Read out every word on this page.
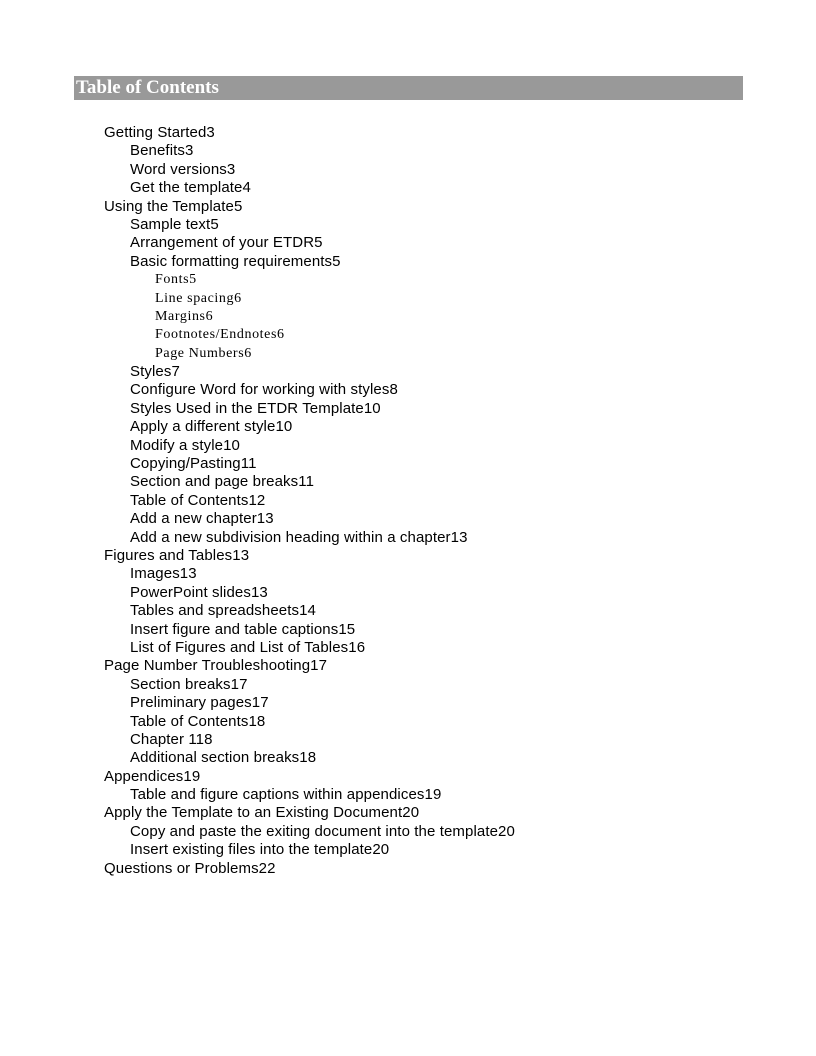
Table of Contents
Getting Started3
Benefits3
Word versions3
Get the template4
Using the Template5
Sample text5
Arrangement of your ETDR5
Basic formatting requirements5
Fonts5
Line spacing6
Margins6
Footnotes/Endnotes6
Page Numbers6
Styles7
Configure Word for working with styles8
Styles Used in the ETDR Template10
Apply a different style10
Modify a style10
Copying/Pasting11
Section and page breaks11
Table of Contents12
Add a new chapter13
Add a new subdivision heading within a chapter13
Figures and Tables13
Images13
PowerPoint slides13
Tables and spreadsheets14
Insert figure and table captions15
List of Figures and List of Tables16
Page Number Troubleshooting17
Section breaks17
Preliminary pages17
Table of Contents18
Chapter 118
Additional section breaks18
Appendices19
Table and figure captions within appendices19
Apply the Template to an Existing Document20
Copy and paste the exiting document into the template20
Insert existing files into the template20
Questions or Problems22
